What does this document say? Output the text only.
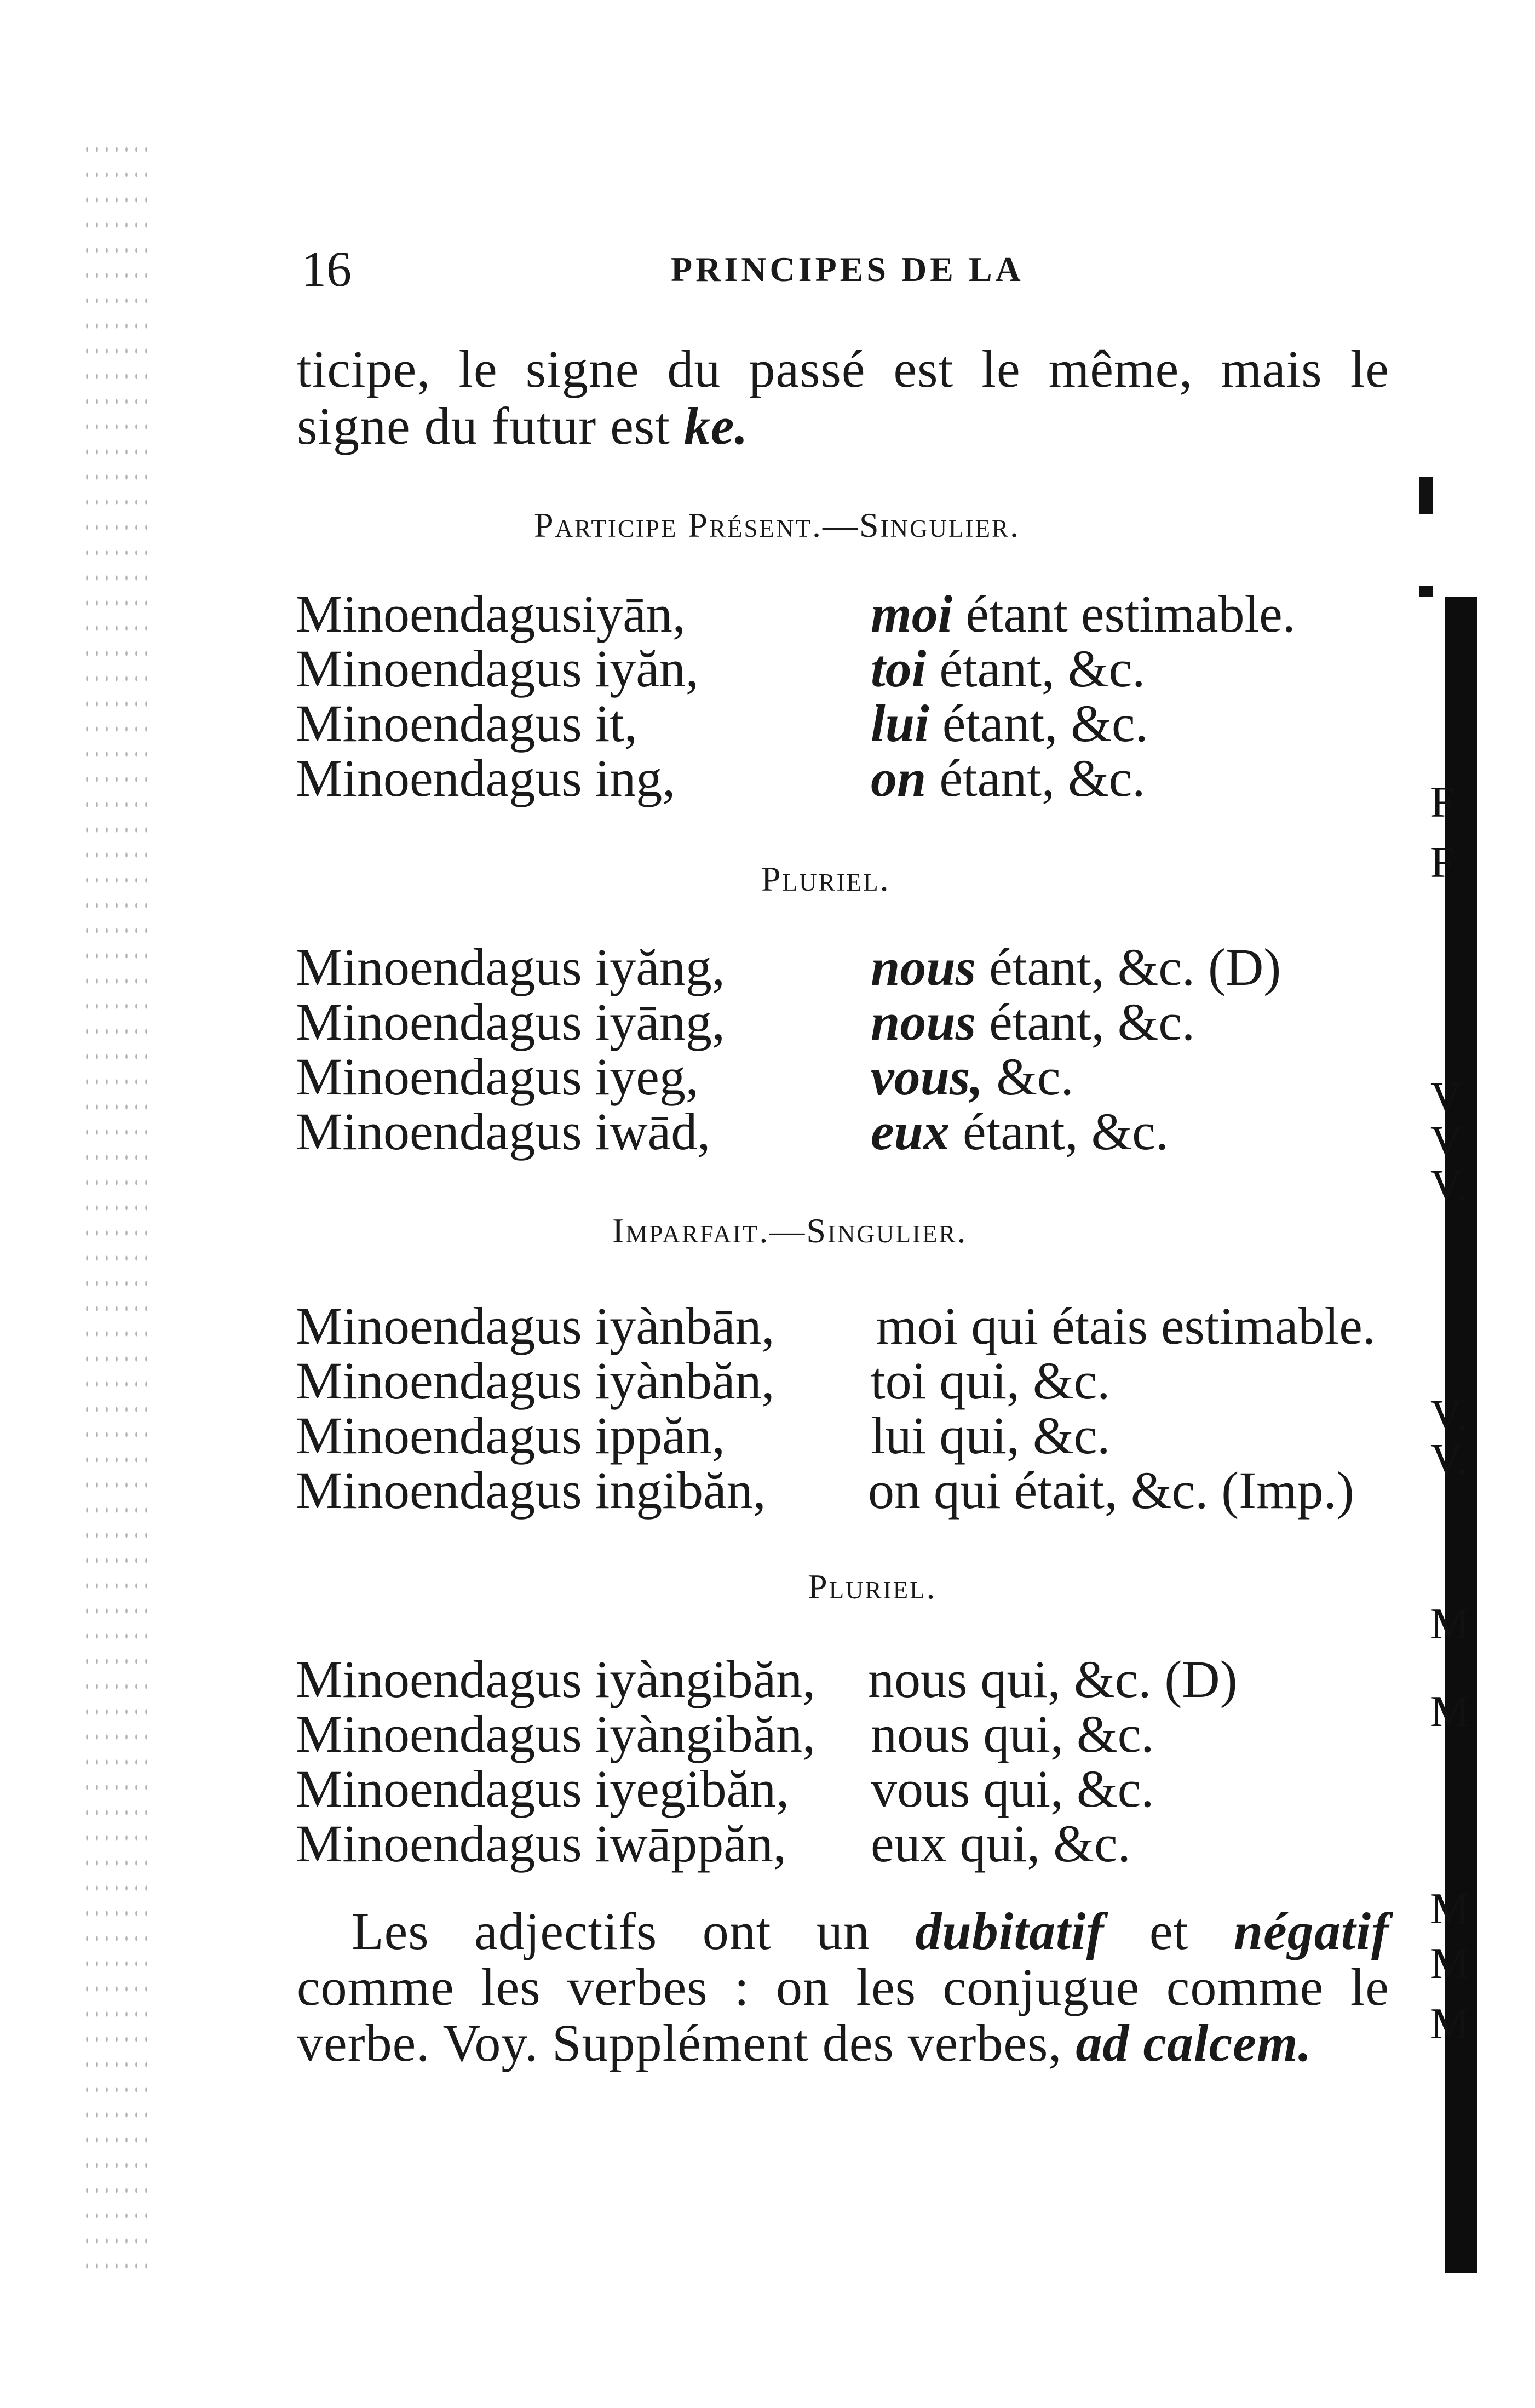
16	PRINCIPES DE LA
ticipe, le signe du passé est le même, mais le
signe du futur est ke.
Participe Présent.—Singulier.
Minoendagusiyān,	moi étant estimable.
Minoendagus iyăn,	toi étant, &c.
Minoendagus it,	lui étant, &c.
Minoendagus ing,	on étant, &c.
Pluriel.
Minoendagus iyăng,	nous étant, &c. (D)
Minoendagus iyāng,	nous étant, &c.
Minoendagus iyeg,	vous, &c.
Minoendagus iwād,	eux étant, &c.
Imparfait.—Singulier.
Minoendagus iyànbān, moi qui étais estimable.
Minoendagus iyànbăn, toi qui, &c.
Minoendagus ippăn,	lui qui, &c.
Minoendagus ingibăn, on qui était, &c. (Imp.)
Pluriel.
Minoendagus iyàngibăn, nous qui, &c. (D)
Minoendagus iyàngibăn, nous qui, &c.
Minoendagus iyegibăn, vous qui, &c.
Minoendagus iwāppăn, eux qui, &c.
Les adjectifs ont un dubitatif et négatif
comme les verbes : on les conjugue comme le
verbe. Voy. Supplément des verbes, ad calcem.
F
F
V
V
V.
V.
V.
M
M
M
M
M
